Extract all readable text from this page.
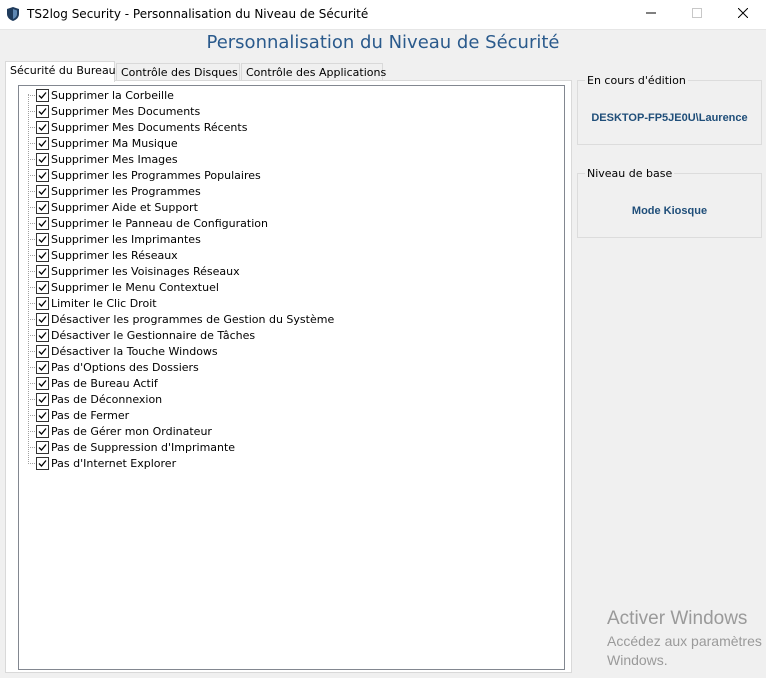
TS2log Security - Personnalisation du Niveau de Sécurité
Personnalisation du Niveau de Sécurité
Sécurité du Bureau Contrôle des Disques Contrôle des Applications
Supprimer la Corbeille
Supprimer Mes Documents
Supprimer Mes Documents Récents
Supprimer Ma Musique
Supprimer Mes Images
Supprimer les Programmes Populaires
Supprimer les Programmes
Supprimer Aide et Support
Supprimer le Panneau de Configuration
Supprimer les Imprimantes
Supprimer les Réseaux
Supprimer les Voisinages Réseaux
Supprimer le Menu Contextuel
Limiter le Clic Droit
Désactiver les programmes de Gestion du Système
Désactiver le Gestionnaire de Tâches
Désactiver la Touche Windows
Pas d'Options des Dossiers
Pas de Bureau Actif
Pas de Déconnexion
Pas de Fermer
Pas de Gérer mon Ordinateur
Pas de Suppression d'Imprimante
Pas d'Internet Explorer
En cours d'édition
DESKTOP-FP5JE0U\Laurence
Niveau de base
Mode Kiosque
Activer Windows
Accédez aux paramètres
Windows.
